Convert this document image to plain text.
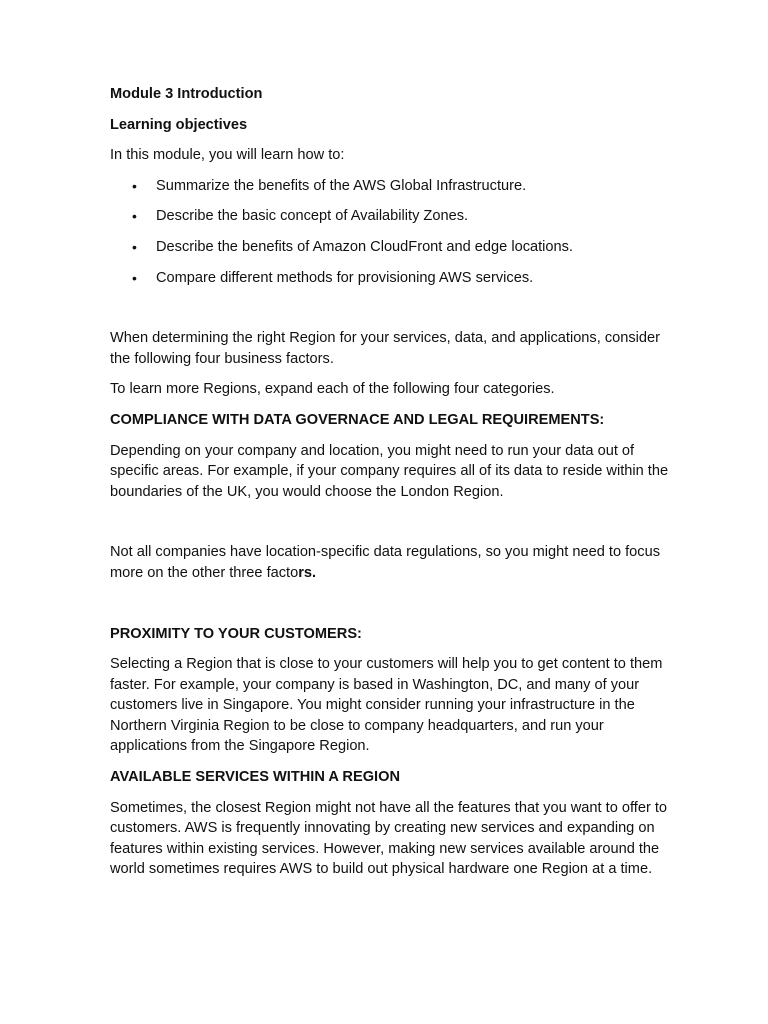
Module 3 Introduction

Learning objectives

In this module, you will learn how to:

• Summarize the benefits of the AWS Global Infrastructure.
• Describe the basic concept of Availability Zones.
• Describe the benefits of Amazon CloudFront and edge locations.
• Compare different methods for provisioning AWS services.

When determining the right Region for your services, data, and applications, consider the following four business factors.

To learn more Regions, expand each of the following four categories.

COMPLIANCE WITH DATA GOVERNACE AND LEGAL REQUIREMENTS:

Depending on your company and location, you might need to run your data out of specific areas. For example, if your company requires all of its data to reside within the boundaries of the UK, you would choose the London Region.

Not all companies have location-specific data regulations, so you might need to focus more on the other three factors.

PROXIMITY TO YOUR CUSTOMERS:

Selecting a Region that is close to your customers will help you to get content to them faster. For example, your company is based in Washington, DC, and many of your customers live in Singapore. You might consider running your infrastructure in the Northern Virginia Region to be close to company headquarters, and run your applications from the Singapore Region.

AVAILABLE SERVICES WITHIN A REGION

Sometimes, the closest Region might not have all the features that you want to offer to customers. AWS is frequently innovating by creating new services and expanding on features within existing services. However, making new services available around the world sometimes requires AWS to build out physical hardware one Region at a time.
